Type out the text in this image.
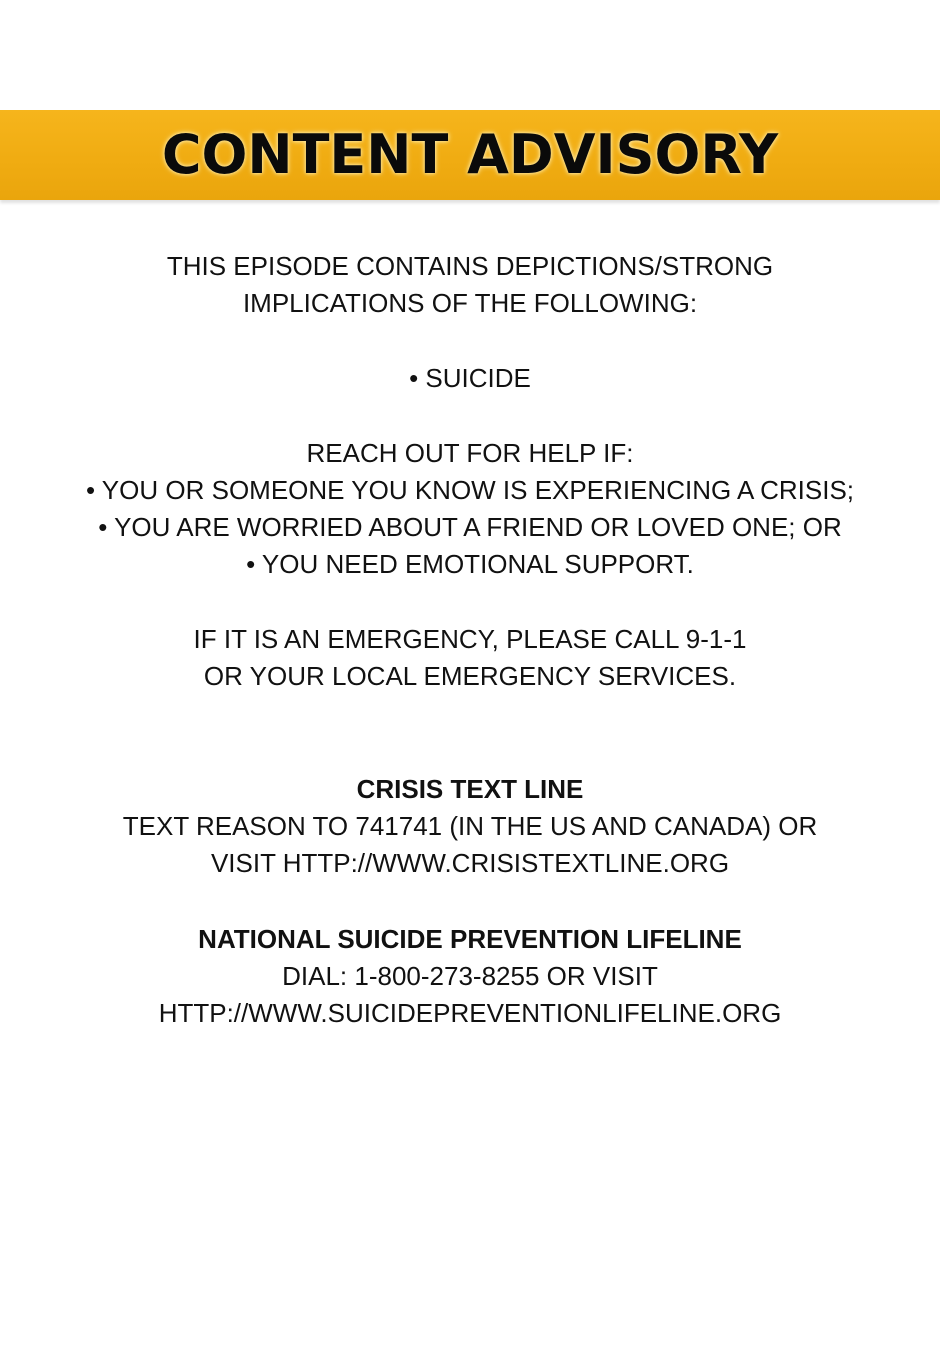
CONTENT ADVISORY
THIS EPISODE CONTAINS DEPICTIONS/STRONG
IMPLICATIONS OF THE FOLLOWING:
• SUICIDE
REACH OUT FOR HELP IF:
• YOU OR SOMEONE YOU KNOW IS EXPERIENCING A CRISIS;
• YOU ARE WORRIED ABOUT A FRIEND OR LOVED ONE; OR
• YOU NEED EMOTIONAL SUPPORT.
IF IT IS AN EMERGENCY, PLEASE CALL 9-1-1
OR YOUR LOCAL EMERGENCY SERVICES.
CRISIS TEXT LINE
TEXT REASON TO 741741 (IN THE US AND CANADA) OR
VISIT HTTP://WWW.CRISISTEXTLINE.ORG
NATIONAL SUICIDE PREVENTION LIFELINE
DIAL: 1-800-273-8255 OR VISIT
HTTP://WWW.SUICIDEPREVENTIONLIFELINE.ORG
